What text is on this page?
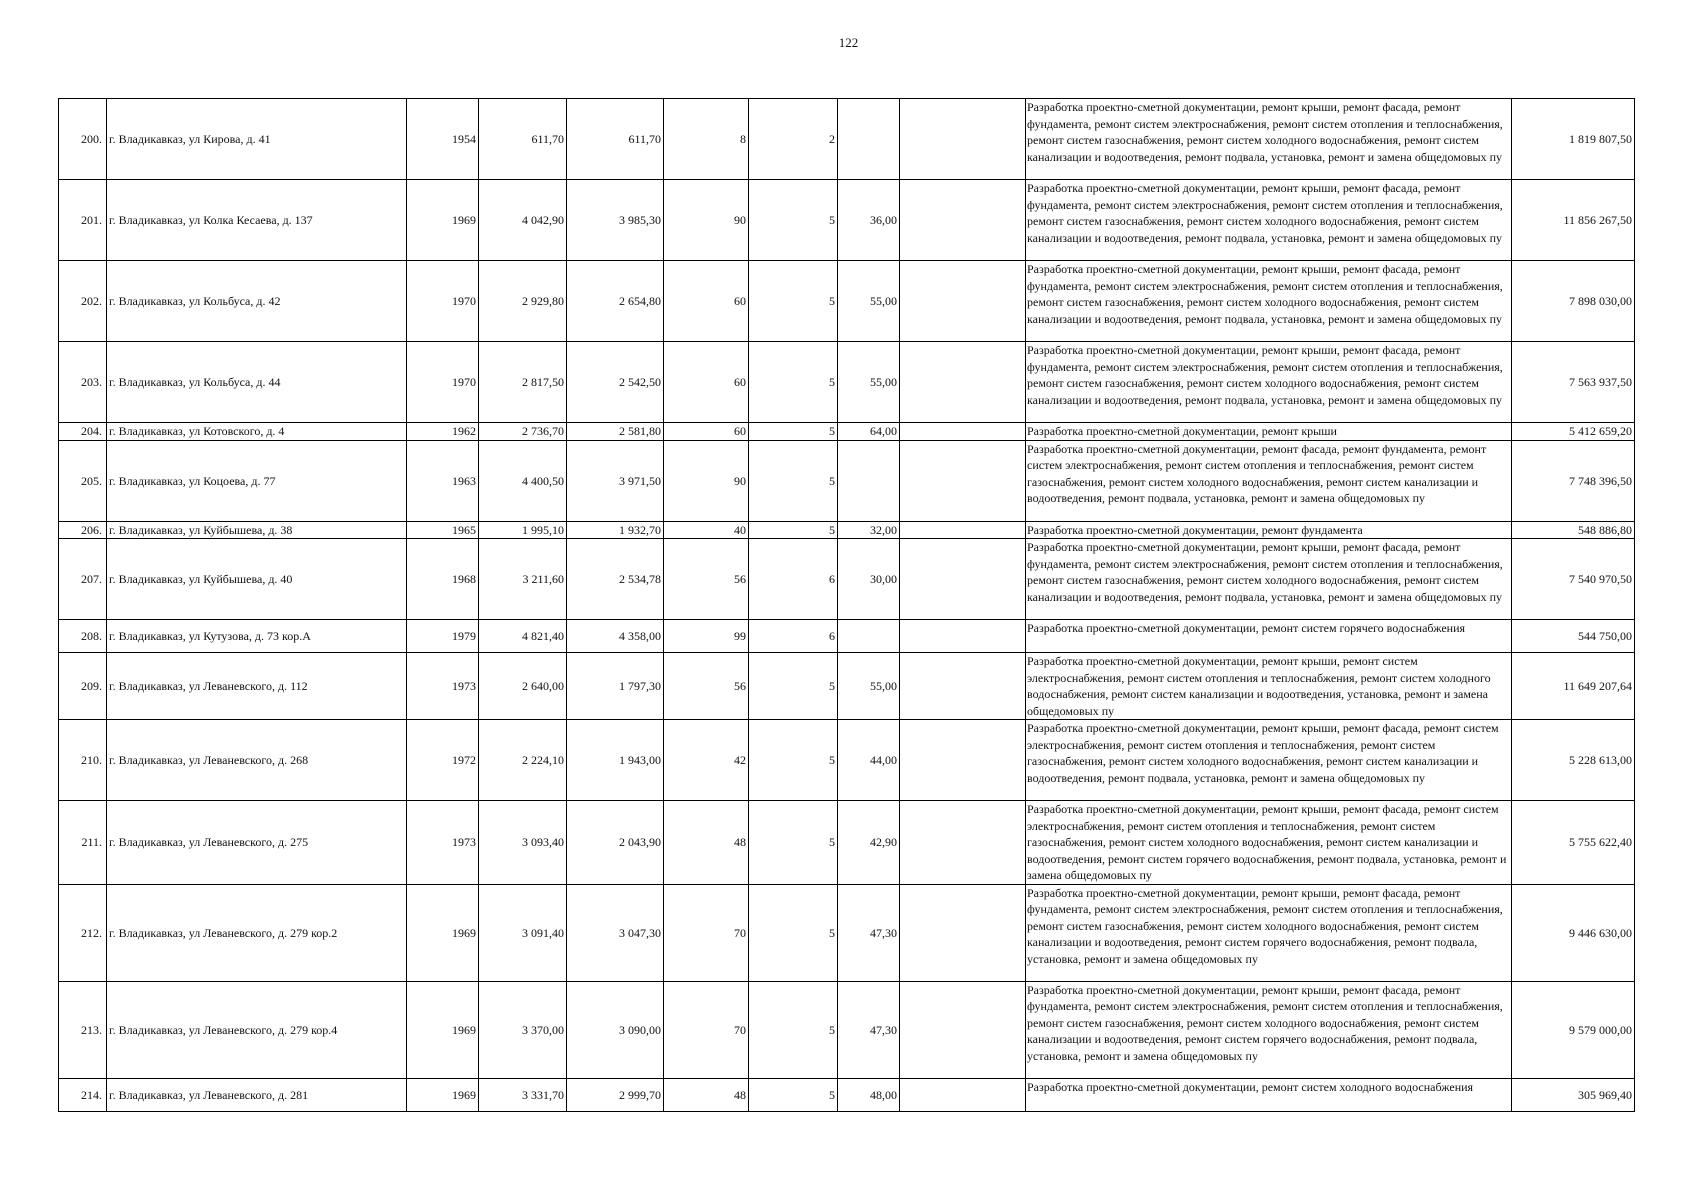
122
200.	г. Владикавказ, ул Кирова, д. 41	1954	611,70	611,70	8	2			Разработка проектно-сметной документации, ремонт крыши, ремонт фасада, ремонт фундамента, ремонт систем электроснабжения, ремонт систем отопления и теплоснабжения, ремонт систем газоснабжения, ремонт систем холодного водоснабжения, ремонт систем канализации и водоотведения, ремонт подвала, установка, ремонт и замена общедомовых пу	1 819 807,50
201.	г. Владикавказ, ул Колка Кесаева, д. 137	1969	4 042,90	3 985,30	90	5	36,00		Разработка проектно-сметной документации, ремонт крыши, ремонт фасада, ремонт фундамента, ремонт систем электроснабжения, ремонт систем отопления и теплоснабжения, ремонт систем газоснабжения, ремонт систем холодного водоснабжения, ремонт систем канализации и водоотведения, ремонт подвала, установка, ремонт и замена общедомовых пу	11 856 267,50
202.	г. Владикавказ, ул Кольбуса, д. 42	1970	2 929,80	2 654,80	60	5	55,00		Разработка проектно-сметной документации, ремонт крыши, ремонт фасада, ремонт фундамента, ремонт систем электроснабжения, ремонт систем отопления и теплоснабжения, ремонт систем газоснабжения, ремонт систем холодного водоснабжения, ремонт систем канализации и водоотведения, ремонт подвала, установка, ремонт и замена общедомовых пу	7 898 030,00
203.	г. Владикавказ, ул Кольбуса, д. 44	1970	2 817,50	2 542,50	60	5	55,00		Разработка проектно-сметной документации, ремонт крыши, ремонт фасада, ремонт фундамента, ремонт систем электроснабжения, ремонт систем отопления и теплоснабжения, ремонт систем газоснабжения, ремонт систем холодного водоснабжения, ремонт систем канализации и водоотведения, ремонт подвала, установка, ремонт и замена общедомовых пу	7 563 937,50
204.	г. Владикавказ, ул Котовского, д. 4	1962	2 736,70	2 581,80	60	5	64,00		Разработка проектно-сметной документации, ремонт крыши	5 412 659,20
205.	г. Владикавказ, ул Коцоева, д. 77	1963	4 400,50	3 971,50	90	5			Разработка проектно-сметной документации, ремонт фасада, ремонт фундамента, ремонт систем электроснабжения, ремонт систем отопления и теплоснабжения, ремонт систем газоснабжения, ремонт систем холодного водоснабжения, ремонт систем канализации и водоотведения, ремонт подвала, установка, ремонт и замена общедомовых пу	7 748 396,50
206.	г. Владикавказ, ул Куйбышева, д. 38	1965	1 995,10	1 932,70	40	5	32,00		Разработка проектно-сметной документации, ремонт фундамента	548 886,80
207.	г. Владикавказ, ул Куйбышева, д. 40	1968	3 211,60	2 534,78	56	6	30,00		Разработка проектно-сметной документации, ремонт крыши, ремонт фасада, ремонт фундамента, ремонт систем электроснабжения, ремонт систем отопления и теплоснабжения, ремонт систем газоснабжения, ремонт систем холодного водоснабжения, ремонт систем канализации и водоотведения, ремонт подвала, установка, ремонт и замена общедомовых пу	7 540 970,50
208.	г. Владикавказ, ул Кутузова, д. 73 кор.А	1979	4 821,40	4 358,00	99	6			Разработка проектно-сметной документации, ремонт систем горячего водоснабжения	544 750,00
209.	г. Владикавказ, ул Леваневского, д. 112	1973	2 640,00	1 797,30	56	5	55,00		Разработка проектно-сметной документации, ремонт крыши, ремонт систем электроснабжения, ремонт систем отопления и теплоснабжения, ремонт систем холодного водоснабжения, ремонт систем канализации и водоотведения, установка, ремонт и замена общедомовых пу	11 649 207,64
210.	г. Владикавказ, ул Леваневского, д. 268	1972	2 224,10	1 943,00	42	5	44,00		Разработка проектно-сметной документации, ремонт крыши, ремонт фасада, ремонт систем электроснабжения, ремонт систем отопления и теплоснабжения, ремонт систем газоснабжения, ремонт систем холодного водоснабжения, ремонт систем канализации и водоотведения, ремонт подвала, установка, ремонт и замена общедомовых пу	5 228 613,00
211.	г. Владикавказ, ул Леваневского, д. 275	1973	3 093,40	2 043,90	48	5	42,90		Разработка проектно-сметной документации, ремонт крыши, ремонт фасада, ремонт систем электроснабжения, ремонт систем отопления и теплоснабжения, ремонт систем газоснабжения, ремонт систем холодного водоснабжения, ремонт систем канализации и водоотведения, ремонт систем горячего водоснабжения, ремонт подвала, установка, ремонт и замена общедомовых пу	5 755 622,40
212.	г. Владикавказ, ул Леваневского, д. 279 кор.2	1969	3 091,40	3 047,30	70	5	47,30		Разработка проектно-сметной документации, ремонт крыши, ремонт фасада, ремонт фундамента, ремонт систем электроснабжения, ремонт систем отопления и теплоснабжения, ремонт систем газоснабжения, ремонт систем холодного водоснабжения, ремонт систем канализации и водоотведения, ремонт систем горячего водоснабжения, ремонт подвала, установка, ремонт и замена общедомовых пу	9 446 630,00
213.	г. Владикавказ, ул Леваневского, д. 279 кор.4	1969	3 370,00	3 090,00	70	5	47,30		Разработка проектно-сметной документации, ремонт крыши, ремонт фасада, ремонт фундамента, ремонт систем электроснабжения, ремонт систем отопления и теплоснабжения, ремонт систем газоснабжения, ремонт систем холодного водоснабжения, ремонт систем канализации и водоотведения, ремонт систем горячего водоснабжения, ремонт подвала, установка, ремонт и замена общедомовых пу	9 579 000,00
214.	г. Владикавказ, ул Леваневского, д. 281	1969	3 331,70	2 999,70	48	5	48,00		Разработка проектно-сметной документации, ремонт систем холодного водоснабжения	305 969,40
